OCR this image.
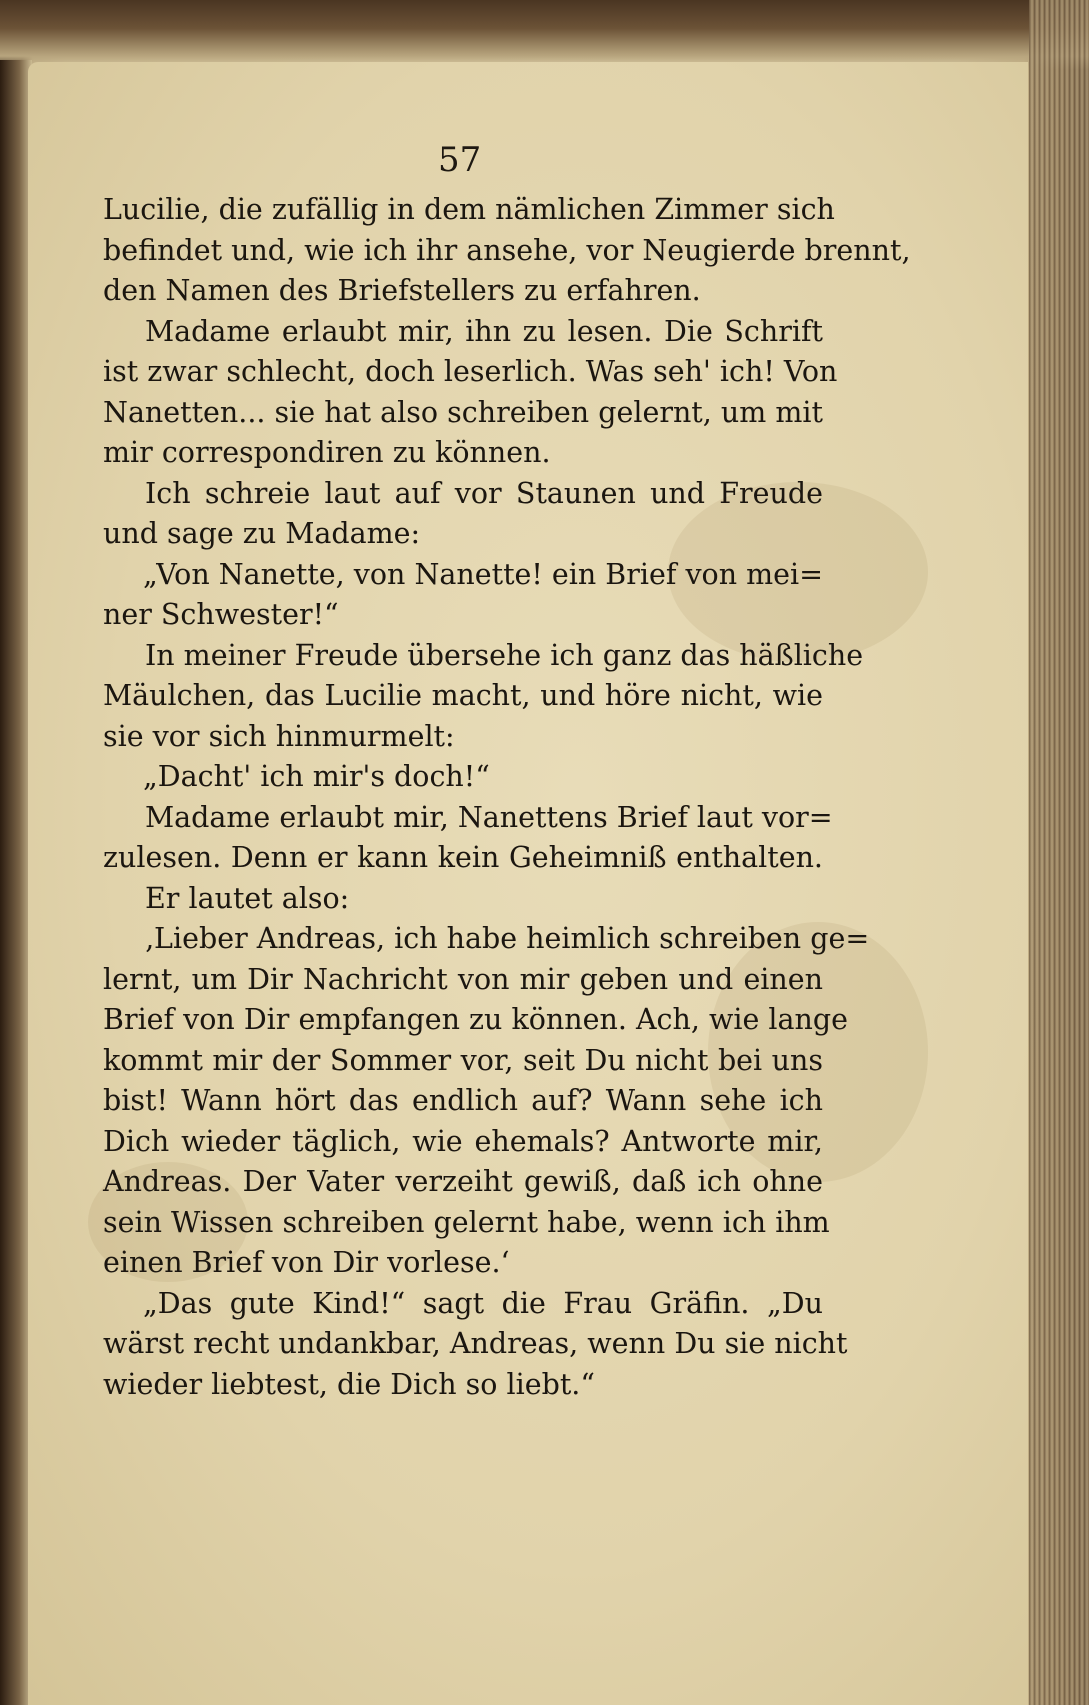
57
Lucilie, die zufällig in dem nämlichen Zimmer sich
befindet und, wie ich ihr ansehe, vor Neugierde brennt,
den Namen des Briefstellers zu erfahren.
Madame erlaubt mir, ihn zu lesen. Die Schrift
ist zwar schlecht, doch leserlich. Was seh' ich! Von
Nanetten... sie hat also schreiben gelernt, um mit
mir correspondiren zu können.
Ich schreie laut auf vor Staunen und Freude
und sage zu Madame:
„Von Nanette, von Nanette! ein Brief von mei=
ner Schwester!“
In meiner Freude übersehe ich ganz das häßliche
Mäulchen, das Lucilie macht, und höre nicht, wie
sie vor sich hinmurmelt:
„Dacht' ich mir's doch!“
Madame erlaubt mir, Nanettens Brief laut vor=
zulesen. Denn er kann kein Geheimniß enthalten.
Er lautet also:
‚Lieber Andreas, ich habe heimlich schreiben ge=
lernt, um Dir Nachricht von mir geben und einen
Brief von Dir empfangen zu können. Ach, wie lange
kommt mir der Sommer vor, seit Du nicht bei uns
bist! Wann hört das endlich auf? Wann sehe ich
Dich wieder täglich, wie ehemals? Antworte mir,
Andreas. Der Vater verzeiht gewiß, daß ich ohne
sein Wissen schreiben gelernt habe, wenn ich ihm
einen Brief von Dir vorlese.‘
„Das gute Kind!“ sagt die Frau Gräfin. „Du
wärst recht undankbar, Andreas, wenn Du sie nicht
wieder liebtest, die Dich so liebt.“
